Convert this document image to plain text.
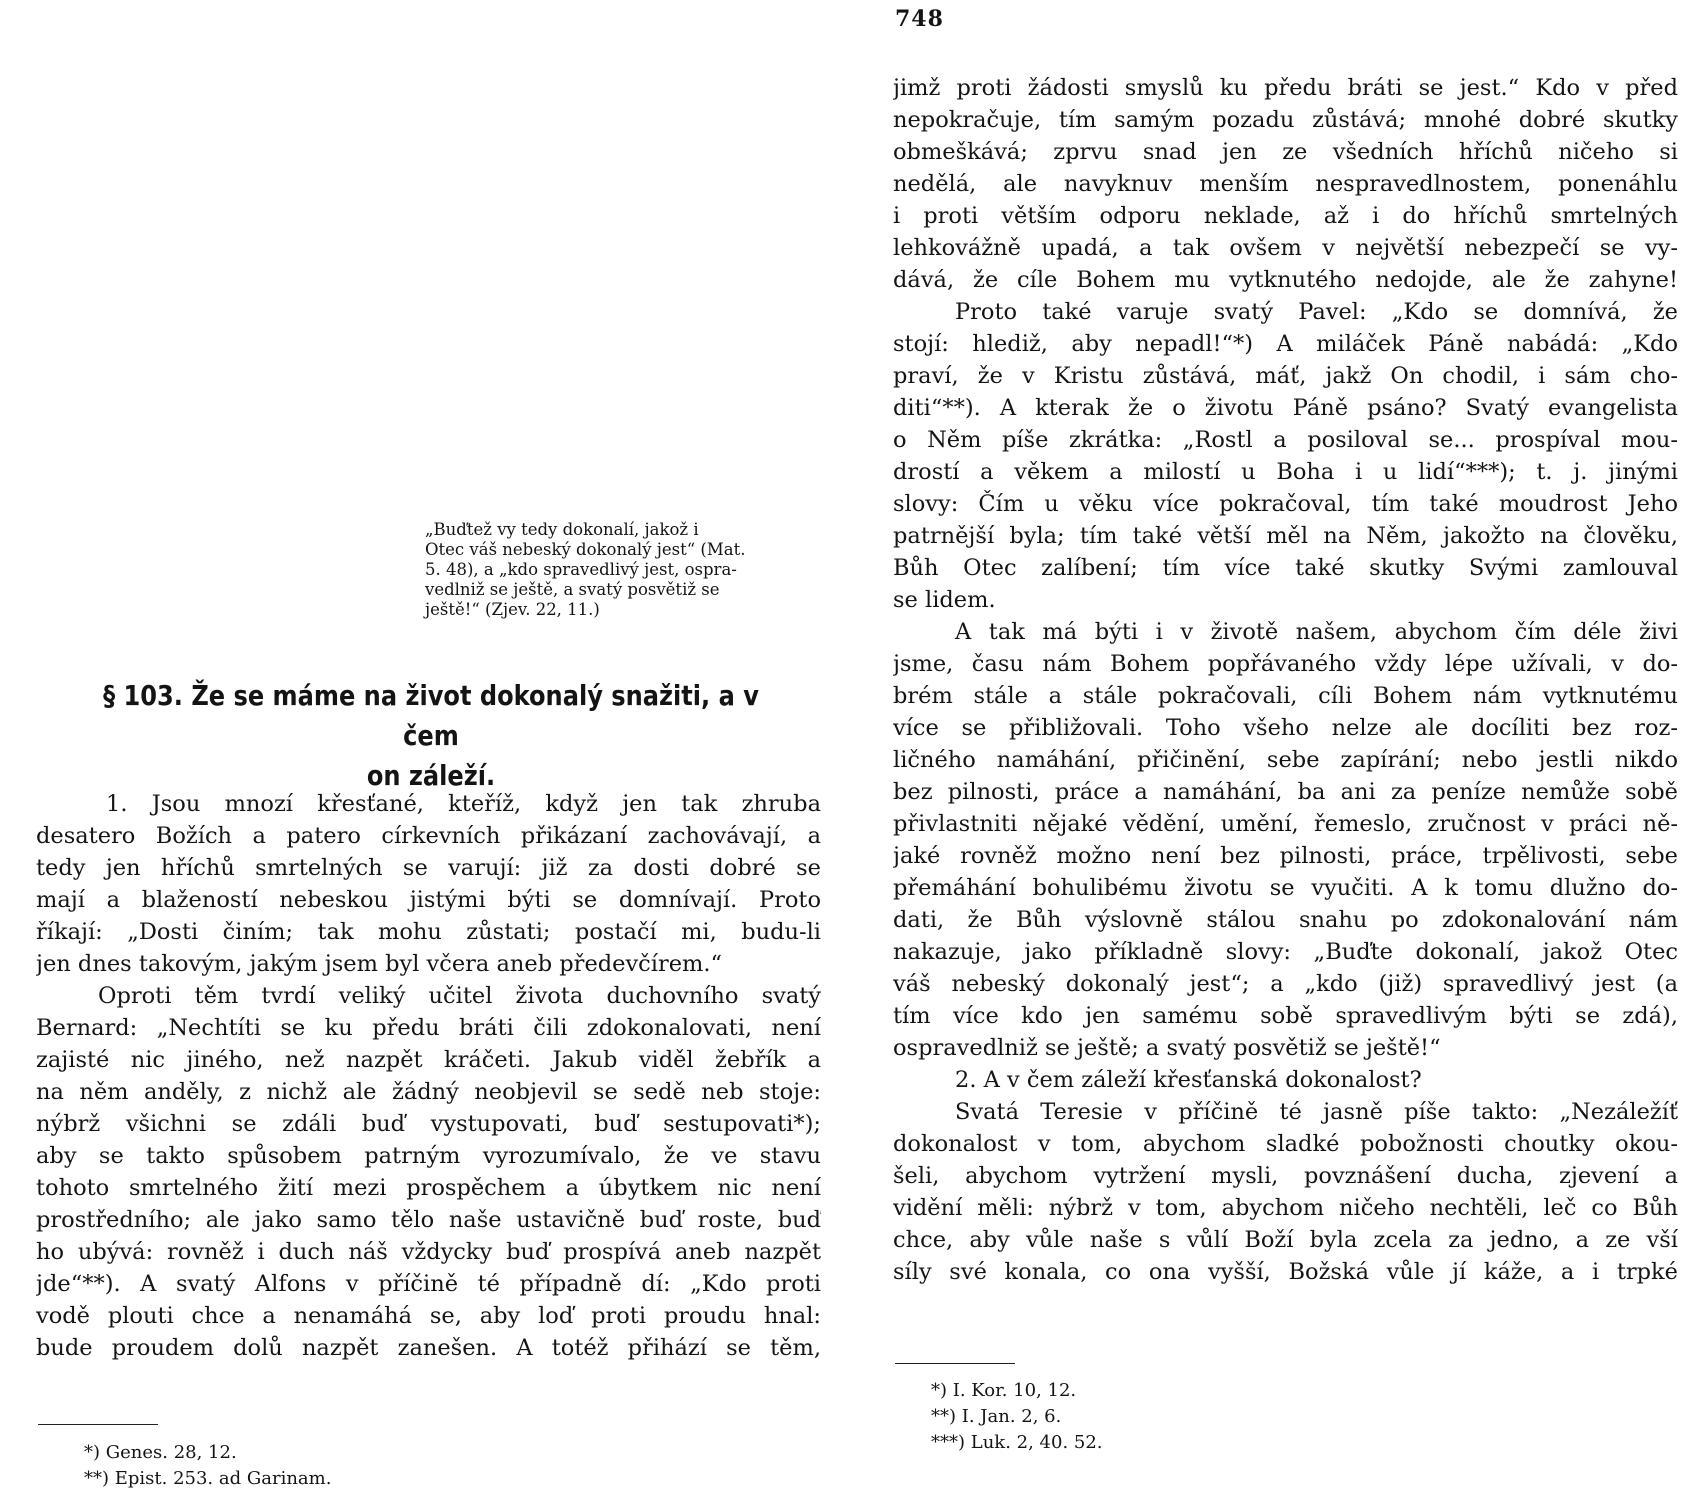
„Buďtež vy tedy dokonalí, jakož i
Otec váš nebeský dokonalý jest“ (Mat.
5. 48), a „kdo spravedlivý jest, ospra-
vedlniž se ještě, a svatý posvětiž se
ještě!“ (Zjev. 22, 11.)
§ 103. Že se máme na život dokonalý snažiti, a v čem
on záleží.
1. Jsou mnozí křesťané, kteříž, když jen tak zhruba
desatero Božích a patero církevních přikázaní zachovávají, a
tedy jen hříchů smrtelných se varují: již za dosti dobré se
mají a blažeností nebeskou jistými býti se domnívají. Proto
říkají: „Dosti činím; tak mohu zůstati; postačí mi, budu-li
jen dnes takovým, jakým jsem byl včera aneb předevčírem.“
Oproti těm tvrdí veliký učitel života duchovního svatý
Bernard: „Nechtíti se ku předu bráti čili zdokonalovati, není
zajisté nic jiného, než nazpět kráčeti. Jakub viděl žebřík a
na něm anděly, z nichž ale žádný neobjevil se sedě neb stoje:
nýbrž všichni se zdáli buď vystupovati, buď sestupovati*);
aby se takto spůsobem patrným vyrozumívalo, že ve stavu
tohoto smrtelného žití mezi prospěchem a úbytkem nic není
prostředního; ale jako samo tělo naše ustavičně buď roste, buď
ho ubývá: rovněž i duch náš vždycky buď prospívá aneb nazpět
jde“**). A svatý Alfons v příčině té případně dí: „Kdo proti
vodě plouti chce a nenamáhá se, aby loď proti proudu hnal:
bude proudem dolů nazpět zanešen. A totéž přihází se těm,
*) Genes. 28, 12.
**) Epist. 253. ad Garinam.
748
jimž proti žádosti smyslů ku předu bráti se jest.“ Kdo v před
nepokračuje, tím samým pozadu zůstává; mnohé dobré skutky
obmeškává; zprvu snad jen ze všedních hříchů ničeho si
nedělá, ale navyknuv menším nespravedlnostem, ponenáhlu
i proti větším odporu neklade, až i do hříchů smrtelných
lehkovážně upadá, a tak ovšem v největší nebezpečí se vy-
dává, že cíle Bohem mu vytknutého nedojde, ale že zahyne!
Proto také varuje svatý Pavel: „Kdo se domnívá, že
stojí: hlediž, aby nepadl!“*) A miláček Páně nabádá: „Kdo
praví, že v Kristu zůstává, máť, jakž On chodil, i sám cho-
diti“**). A kterak že o životu Páně psáno? Svatý evangelista
o Něm píše zkrátka: „Rostl a posiloval se... prospíval mou-
drostí a věkem a milostí u Boha i u lidí“***); t. j. jinými
slovy: Čím u věku více pokračoval, tím také moudrost Jeho
patrnější byla; tím také větší měl na Něm, jakožto na člověku,
Bůh Otec zalíbení; tím více také skutky Svými zamlouval
se lidem.
A tak má býti i v životě našem, abychom čím déle živi
jsme, času nám Bohem popřávaného vždy lépe užívali, v do-
brém stále a stále pokračovali, cíli Bohem nám vytknutému
více se přibližovali. Toho všeho nelze ale docíliti bez roz-
ličného namáhání, přičinění, sebe zapírání; nebo jestli nikdo
bez pilnosti, práce a namáhání, ba ani za peníze nemůže sobě
přivlastniti nějaké vědění, umění, řemeslo, zručnost v práci ně-
jaké rovněž možno není bez pilnosti, práce, trpělivosti, sebe
přemáhání bohulibému životu se vyučiti. A k tomu dlužno do-
dati, že Bůh výslovně stálou snahu po zdokonalování nám
nakazuje, jako příkladně slovy: „Buďte dokonalí, jakož Otec
váš nebeský dokonalý jest“; a „kdo (již) spravedlivý jest (a
tím více kdo jen samému sobě spravedlivým býti se zdá),
ospravedlniž se ještě; a svatý posvětiž se ještě!“
2. A v čem záleží křesťanská dokonalost?
Svatá Teresie v příčině té jasně píše takto: „Nezáležíť
dokonalost v tom, abychom sladké pobožnosti choutky okou-
šeli, abychom vytržení mysli, povznášení ducha, zjevení a
vidění měli: nýbrž v tom, abychom ničeho nechtěli, leč co Bůh
chce, aby vůle naše s vůlí Boží byla zcela za jedno, a ze vší
síly své konala, co ona vyšší, Božská vůle jí káže, a i trpké
*) I. Kor. 10, 12.
**) I. Jan. 2, 6.
***) Luk. 2, 40. 52.
